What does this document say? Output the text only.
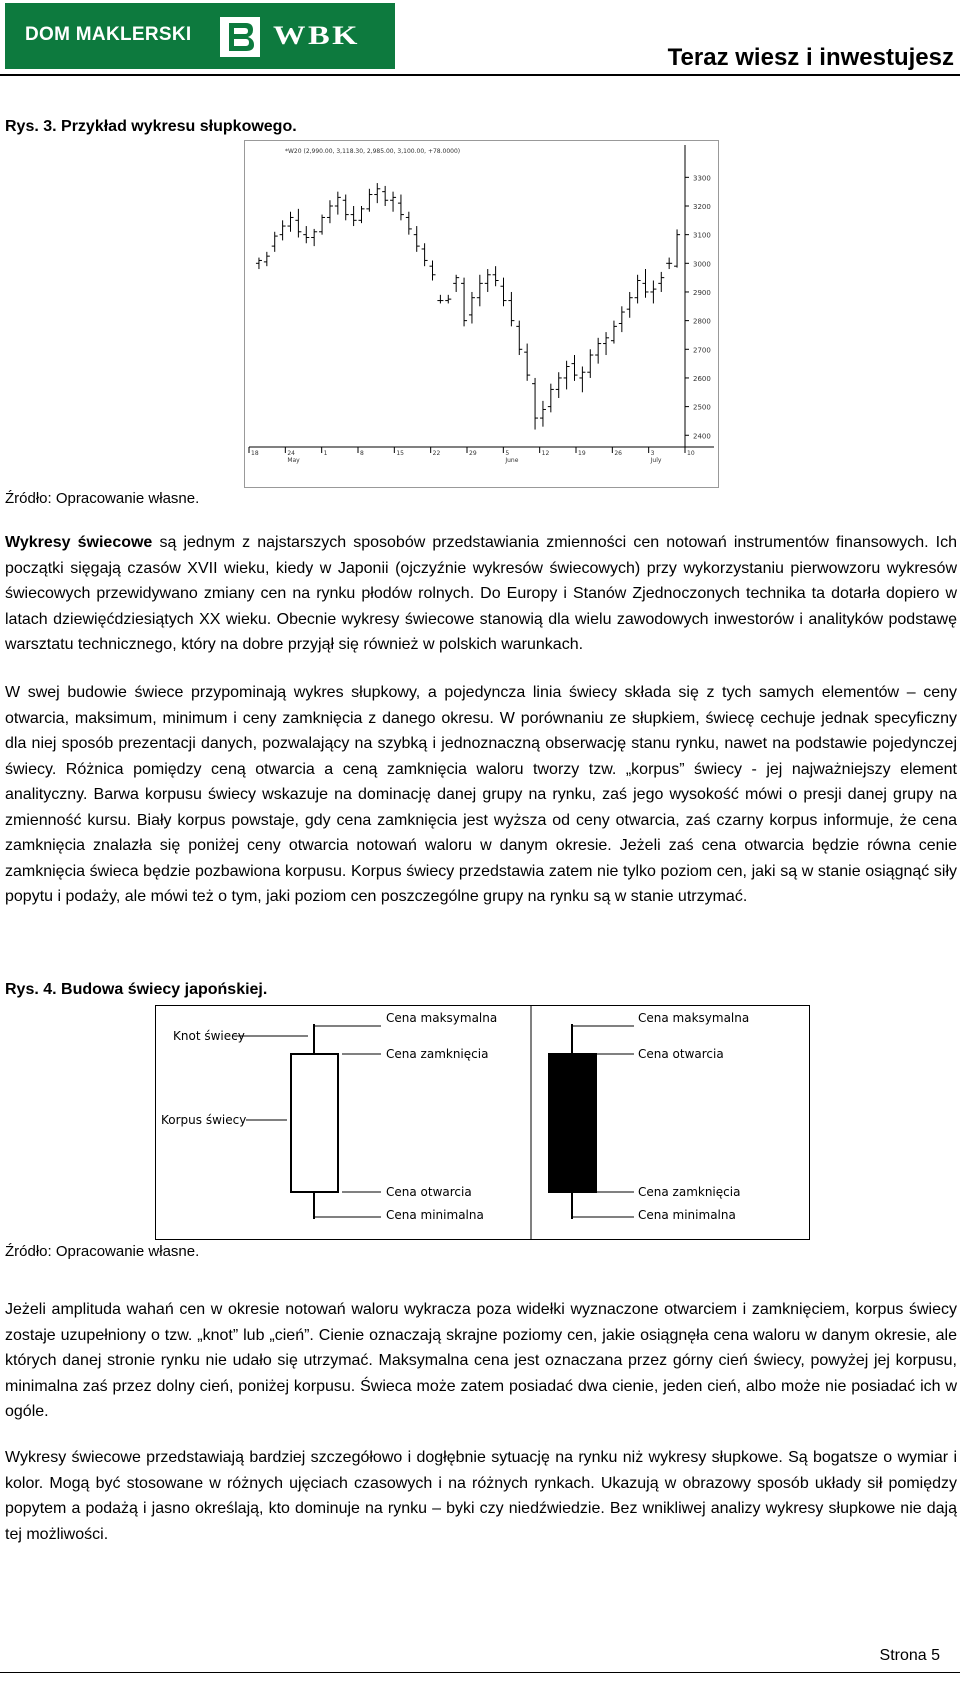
DOM MAKLERSKI	WBK
Teraz wiesz i inwestujesz
Rys. 3. Przykład wykresu słupkowego.
*W20 (2,990.00, 3,118.30, 2,985.00, 3,100.00, +78.0000)
3300
3200
3100
3000
2900
2800
2700
2600
2500
2400
18	24	1	8	15	22	29	5	12	19	26	3	10
May	June	July
Źródło: Opracowanie własne.

Wykresy świecowe są jednym z najstarszych sposobów przedstawiania zmienności cen notowań instrumentów finansowych. Ich początki sięgają czasów XVII wieku, kiedy w Japonii (ojczyźnie wykresów świecowych) przy wykorzystaniu pierwowzoru wykresów świecowych przewidywano zmiany cen na rynku płodów rolnych. Do Europy i Stanów Zjednoczonych technika ta dotarła dopiero w latach dziewięćdziesiątych XX wieku. Obecnie wykresy świecowe stanowią dla wielu zawodowych inwestorów i analityków podstawę warsztatu technicznego, który na dobre przyjął się również w polskich warunkach.

W swej budowie świece przypominają wykres słupkowy, a pojedyncza linia świecy składa się z tych samych elementów – ceny otwarcia, maksimum, minimum i ceny zamknięcia z danego okresu. W porównaniu ze słupkiem, świecę cechuje jednak specyficzny dla niej sposób prezentacji danych, pozwalający na szybką i jednoznaczną obserwację stanu rynku, nawet na podstawie pojedynczej świecy. Różnica pomiędzy ceną otwarcia a ceną zamknięcia waloru tworzy tzw. „korpus” świecy - jej najważniejszy element analityczny. Barwa korpusu świecy wskazuje na dominację danej grupy na rynku, zaś jego wysokość mówi o presji danej grupy na zmienność kursu. Biały korpus powstaje, gdy cena zamknięcia jest wyższa od ceny otwarcia, zaś czarny korpus informuje, że cena zamknięcia znalazła się poniżej ceny otwarcia notowań waloru w danym okresie. Jeżeli zaś cena otwarcia będzie równa cenie zamknięcia świeca będzie pozbawiona korpusu. Korpus świecy przedstawia zatem nie tylko poziom cen, jaki są w stanie osiągnąć siły popytu i podaży, ale mówi też o tym, jaki poziom cen poszczególne grupy na rynku są w stanie utrzymać.

Rys. 4. Budowa świecy japońskiej.
Knot świecy
Korpus świecy
Cena maksymalna
Cena zamknięcia
Cena otwarcia
Cena minimalna
Cena maksymalna
Cena otwarcia
Cena zamknięcia
Cena minimalna
Źródło: Opracowanie własne.

Jeżeli amplituda wahań cen w okresie notowań waloru wykracza poza widełki wyznaczone otwarciem i zamknięciem, korpus świecy zostaje uzupełniony o tzw. „knot” lub „cień”. Cienie oznaczają skrajne poziomy cen, jakie osiągnęła cena waloru w danym okresie, ale których danej stronie rynku nie udało się utrzymać. Maksymalna cena jest oznaczana przez górny cień świecy, powyżej jej korpusu, minimalna zaś przez dolny cień, poniżej korpusu. Świeca może zatem posiadać dwa cienie, jeden cień, albo może nie posiadać ich w ogóle.

Wykresy świecowe przedstawiają bardziej szczegółowo i dogłębnie sytuację na rynku niż wykresy słupkowe. Są bogatsze o wymiar i kolor. Mogą być stosowane w różnych ujęciach czasowych i na różnych rynkach. Ukazują w obrazowy sposób układy sił pomiędzy popytem a podażą i jasno określają, kto dominuje na rynku – byki czy niedźwiedzie. Bez wnikliwej analizy wykresy słupkowe nie dają tej możliwości.

Strona 5
